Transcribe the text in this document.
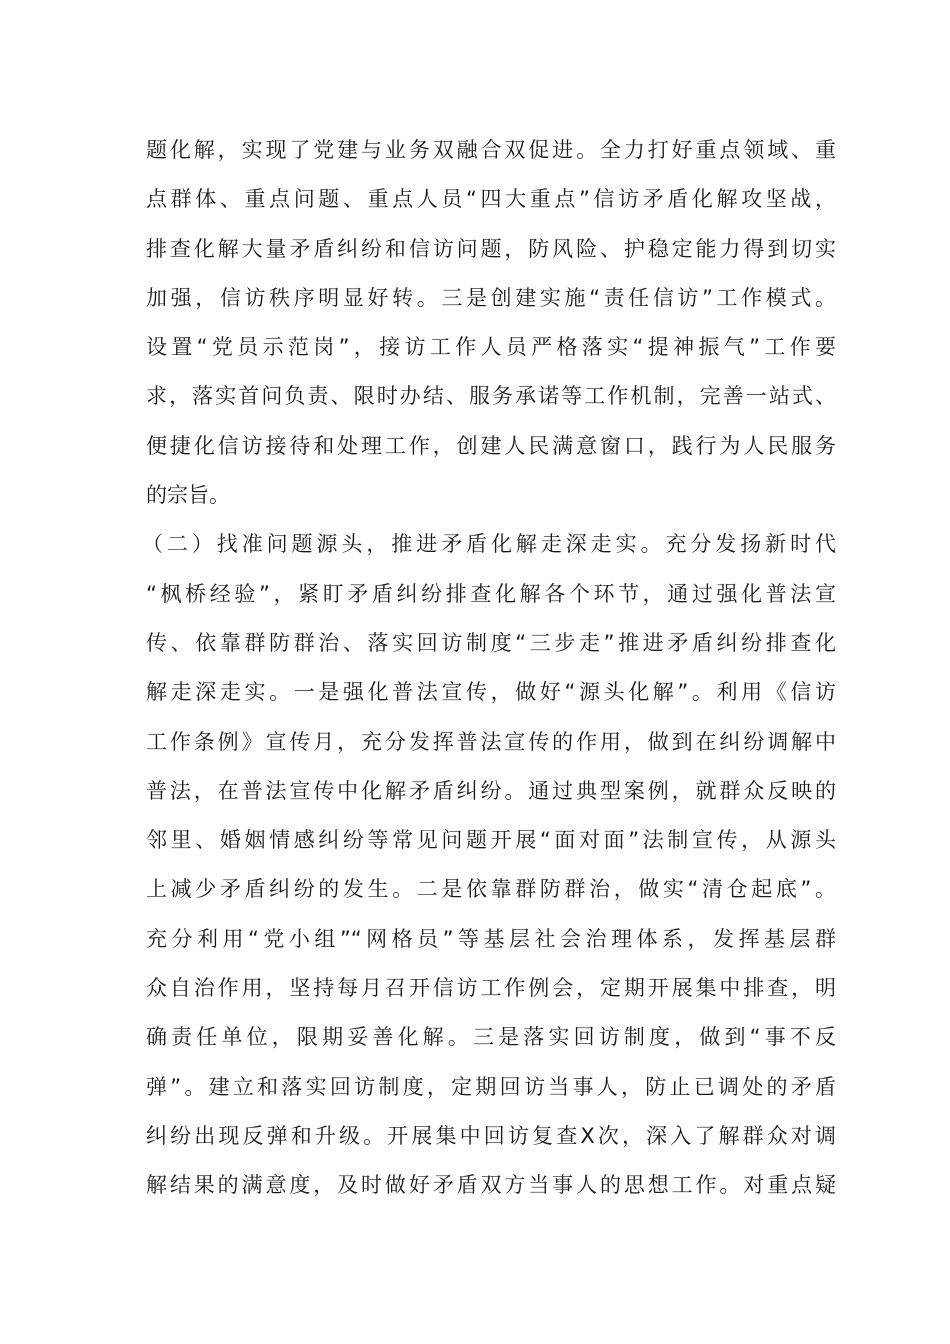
题化解，实现了党建与业务双融合双促进。全力打好重点领域、重
点群体、重点问题、重点人员“四大重点”信访矛盾化解攻坚战，
排查化解大量矛盾纠纷和信访问题，防风险、护稳定能力得到切实
加强，信访秩序明显好转。三是创建实施“责任信访”工作模式。
设置“党员示范岗”，接访工作人员严格落实“提神振气”工作要
求，落实首问负责、限时办结、服务承诺等工作机制，完善一站式、
便捷化信访接待和处理工作，创建人民满意窗口，践行为人民服务
的宗旨。
（二）找准问题源头，推进矛盾化解走深走实。充分发扬新时代
“枫桥经验”，紧盯矛盾纠纷排查化解各个环节，通过强化普法宣
传、依靠群防群治、落实回访制度“三步走”推进矛盾纠纷排查化
解走深走实。一是强化普法宣传，做好“源头化解”。利用《信访
工作条例》宣传月，充分发挥普法宣传的作用，做到在纠纷调解中
普法，在普法宣传中化解矛盾纠纷。通过典型案例，就群众反映的
邻里、婚姻情感纠纷等常见问题开展“面对面”法制宣传，从源头
上减少矛盾纠纷的发生。二是依靠群防群治，做实“清仓起底”。
充分利用“党小组”“网格员”等基层社会治理体系，发挥基层群
众自治作用，坚持每月召开信访工作例会，定期开展集中排查，明
确责任单位，限期妥善化解。三是落实回访制度，做到“事不反
弹”。建立和落实回访制度，定期回访当事人，防止已调处的矛盾
纠纷出现反弹和升级。开展集中回访复查X次，深入了解群众对调
解结果的满意度，及时做好矛盾双方当事人的思想工作。对重点疑
